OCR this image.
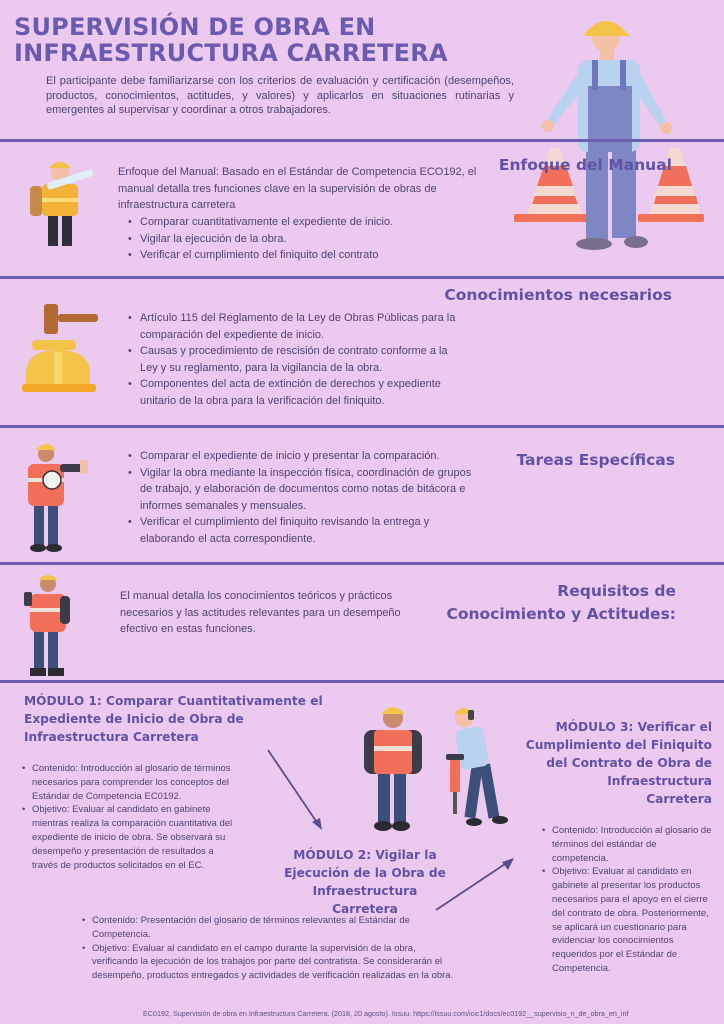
SUPERVISIÓN DE OBRA EN
INFRAESTRUCTURA CARRETERA
El participante debe familiarizarse con los criterios de evaluación y certificación (desempeños, productos, conocimientos, actitudes, y valores) y aplicarlos en situaciones rutinarias y emergentes al supervisar y coordinar a otros trabajadores.
Enfoque del Manual
Enfoque del Manual: Basado en el Estándar de Competencia ECO192, el manual detalla tres funciones clave en la supervisión de obras de infraestructura carretera
• Comparar cuantitativamente el expediente de inicio.
• Vigilar la ejecución de la obra.
• Verificar el cumplimiento del finiquito del contrato
Conocimientos necesarios
• Artículo 115 del Reglamento de la Ley de Obras Públicas para la comparación del expediente de inicio.
• Causas y procedimiento de rescisión de contrato conforme a la Ley y su reglamento, para la vigilancia de la obra.
• Componentes del acta de extinción de derechos y expediente unitario de la obra para la verificación del finiquito.
Tareas Específicas
• Comparar el expediente de inicio y presentar la comparación.
• Vigilar la obra mediante la inspección física, coordinación de grupos de trabajo, y elaboración de documentos como notas de bitácora e informes semanales y mensuales.
• Verificar el cumplimiento del finiquito revisando la entrega y elaborando el acta correspondiente.
Requisitos de
Conocimiento y Actitudes:
El manual detalla los conocimientos teóricos y prácticos necesarios y las actitudes relevantes para un desempeño efectivo en estas funciones.
MÓDULO 1: Comparar Cuantitativamente el
Expediente de Inicio de Obra de
Infraestructura Carretera
• Contenido: Introducción al glosario de términos necesarios para comprender los conceptos del Estándar de Competencia EC0192.
• Objetivo: Evaluar al candidato en gabinete mientras realiza la comparación cuantitativa del expediente de inicio de obra. Se observará su desempeño y presentación de resultados a través de productos solicitados en el EC.
MÓDULO 2: Vigilar la
Ejecución de la Obra de
Infraestructura
Carretera
• Contenido: Presentación del glosario de términos relevantes al Estándar de Competencia.
• Objetivo: Evaluar al candidato en el campo durante la supervisión de la obra, verificando la ejecución de los trabajos por parte del contratista. Se considerarán el desempeño, productos entregados y actividades de verificación realizadas en la obra.
MÓDULO 3: Verificar el
Cumplimiento del Finiquito
del Contrato de Obra de
Infraestructura
Carretera
• Contenido: Introducción al glosario de términos del estándar de competencia.
• Objetivo: Evaluar al candidato en gabinete al presentar los productos necesarios para el apoyo en el cierre del contrato de obra. Posteriormente, se aplicará un cuestionario para evidenciar los conocimientos requeridos por el Estándar de Competencia.
EC0192, Supervisión de obra en Infraestructura Carretera. (2018, 20 agosto). Issuu. https://issuu.com/icic1/docs/ec0192__supervisio_n_de_obra_en_inf
